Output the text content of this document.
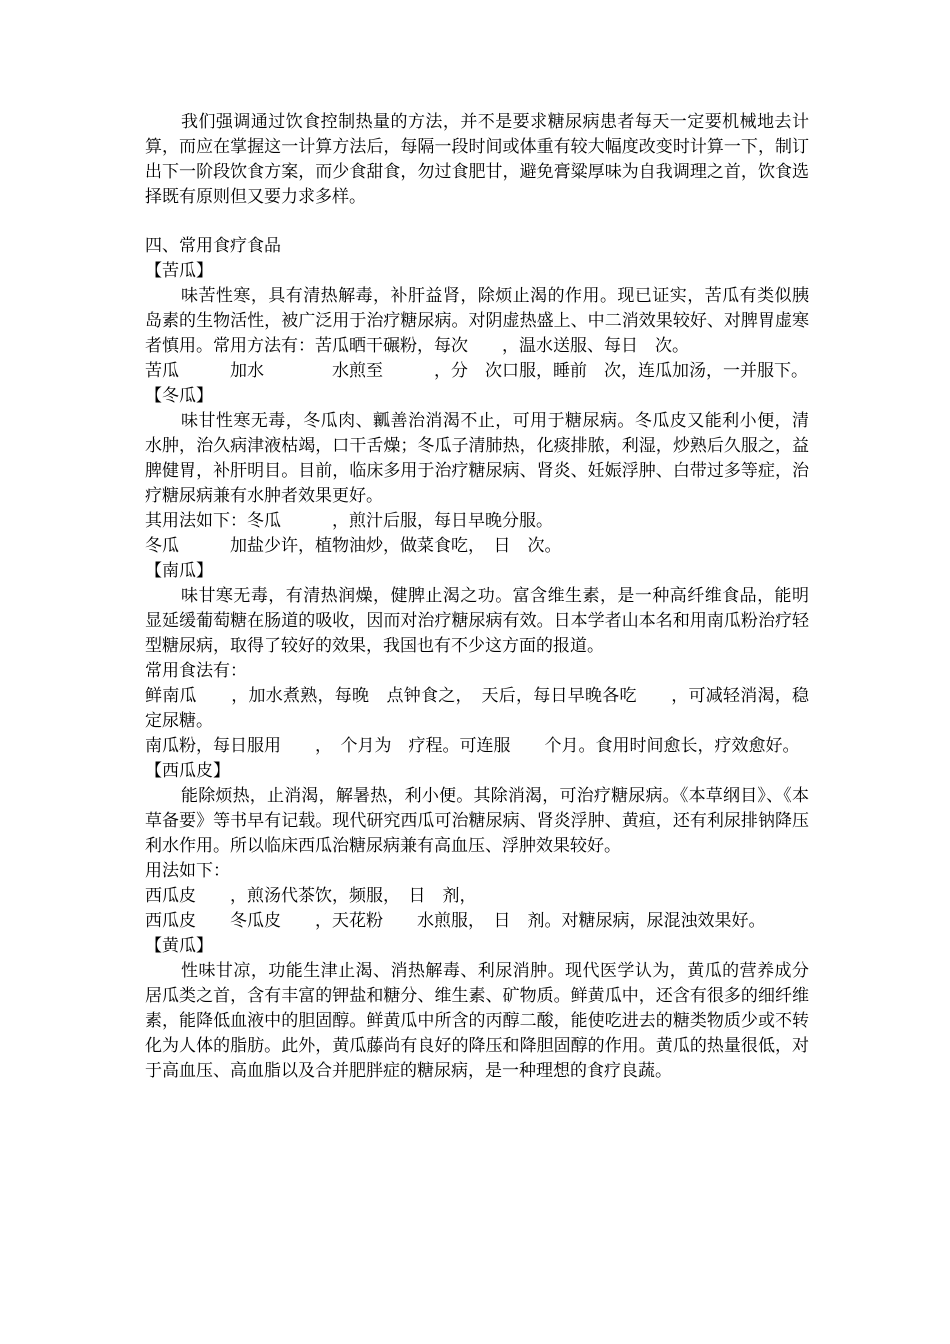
我们强调通过饮食控制热量的方法，并不是要求糖尿病患者每天一定要机械地去计算，而应在掌握这一计算方法后，每隔一段时间或体重有较大幅度改变时计算一下，制订出下一阶段饮食方案，而少食甜食，勿过食肥甘，避免膏粱厚味为自我调理之首，饮食选择既有原则但又要力求多样。

四、常用食疗食品

【苦瓜】

味苦性寒，具有清热解毒，补肝益肾，除烦止渴的作用。现已证实，苦瓜有类似胰岛素的生物活性，被广泛用于治疗糖尿病。对阴虚热盛上、中二消效果较好、对脾胃虚寒者慎用。常用方法有：苦瓜晒干碾粉，每次　　，温水送服、每日　次。

苦瓜　　　加水　　　　水煎至　　　，分　次口服，睡前　次，连瓜加汤，一并服下。

【冬瓜】

味甘性寒无毒，冬瓜肉、瓤善治消渴不止，可用于糖尿病。冬瓜皮又能利小便，清水肿，治久病津液枯竭，口干舌燥；冬瓜子清肺热，化痰排脓，利湿，炒熟后久服之，益脾健胃，补肝明目。目前，临床多用于治疗糖尿病、肾炎、妊娠浮肿、白带过多等症，治疗糖尿病兼有水肿者效果更好。

其用法如下：冬瓜　　　，煎汁后服，每日早晚分服。

冬瓜　　　加盐少许，植物油炒，做菜食吃，　日　次。

【南瓜】

味甘寒无毒，有清热润燥，健脾止渴之功。富含维生素，是一种高纤维食品，能明显延缓葡萄糖在肠道的吸收，因而对治疗糖尿病有效。日本学者山本名和用南瓜粉治疗轻型糖尿病，取得了较好的效果，我国也有不少这方面的报道。

常用食法有：

鲜南瓜　　，加水煮熟，每晚　点钟食之，　天后，每日早晚各吃　　，可减轻消渴，稳定尿糖。

南瓜粉，每日服用　　，　个月为　疗程。可连服　　个月。食用时间愈长，疗效愈好。

【西瓜皮】

能除烦热，止消渴，解暑热，利小便。其除消渴，可治疗糖尿病。《本草纲目》、《本草备要》等书早有记载。现代研究西瓜可治糖尿病、肾炎浮肿、黄疸，还有利尿排钠降压利水作用。所以临床西瓜治糖尿病兼有高血压、浮肿效果较好。

用法如下：

西瓜皮　　，煎汤代茶饮，频服，　日　剂，

西瓜皮　　冬瓜皮　　，天花粉　　水煎服，　日　剂。对糖尿病，尿混浊效果好。

【黄瓜】

性味甘凉，功能生津止渴、消热解毒、利尿消肿。现代医学认为，黄瓜的营养成分居瓜类之首，含有丰富的钾盐和糖分、维生素、矿物质。鲜黄瓜中，还含有很多的细纤维素，能降低血液中的胆固醇。鲜黄瓜中所含的丙醇二酸，能使吃进去的糖类物质少或不转化为人体的脂肪。此外，黄瓜藤尚有良好的降压和降胆固醇的作用。黄瓜的热量很低，对于高血压、高血脂以及合并肥胖症的糖尿病，是一种理想的食疗良蔬。
